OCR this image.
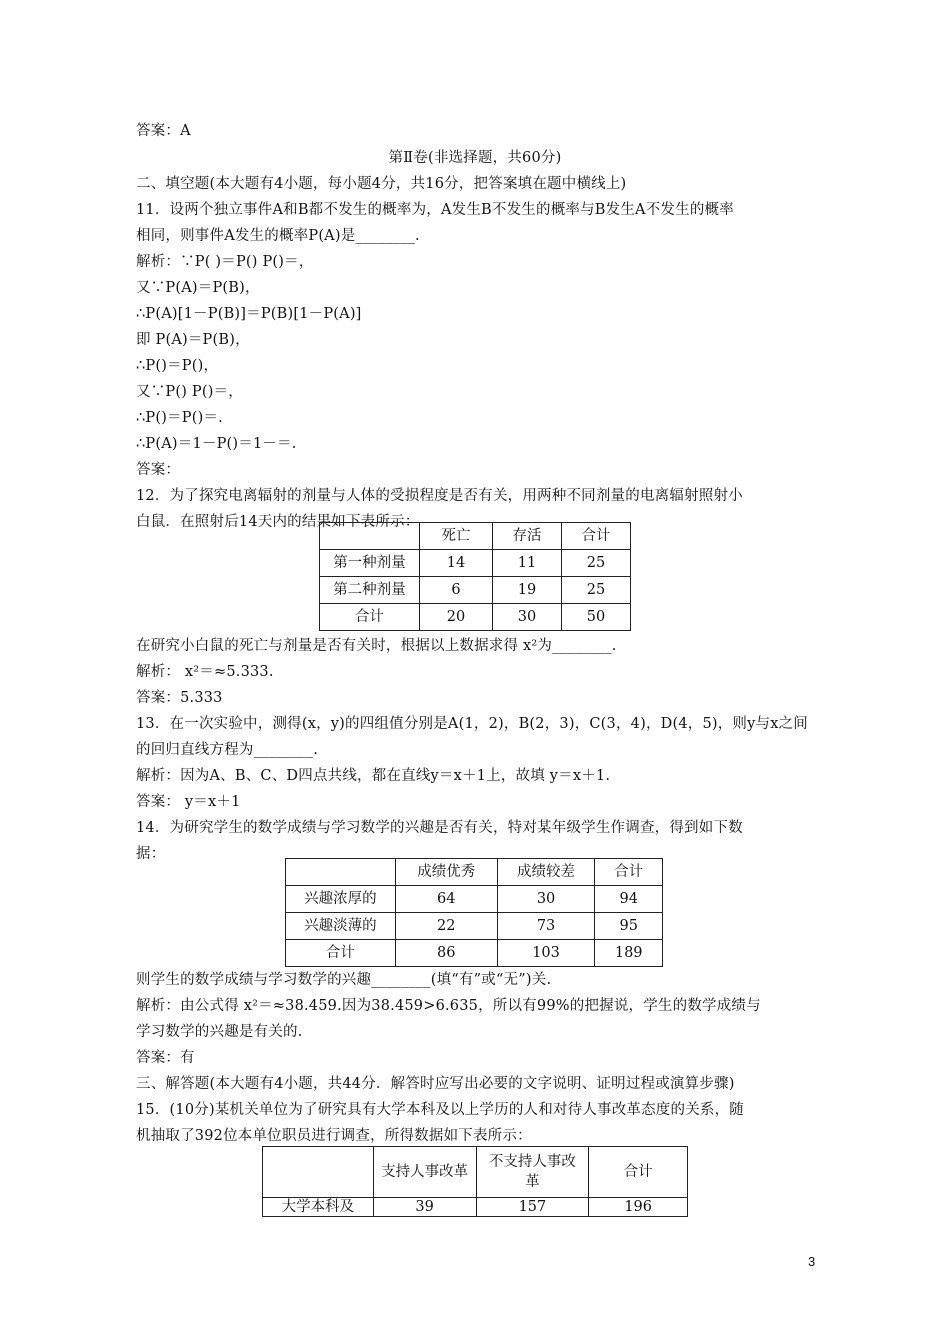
答案：A
第Ⅱ卷(非选择题，共60分)
二、填空题(本大题有4小题，每小题4分，共16分，把答案填在题中横线上)
11．设两个独立事件A和B都不发生的概率为，A发生B不发生的概率与B发生A不发生的概率
相同，则事件A发生的概率P(A)是________.
解析：∵P( )＝P() P()＝，
又∵P(A)＝P(B)，
∴P(A)[1－P(B)]＝P(B)[1－P(A)]
即 P(A)＝P(B)，
∴P()＝P()，
又∵P() P()＝，
∴P()＝P()＝.
∴P(A)＝1－P()＝1－＝.
答案：
12．为了探究电离辐射的剂量与人体的受损程度是否有关，用两种不同剂量的电离辐射照射小
白鼠．在照射后14天内的结果如下表所示：
	死亡	存活	合计
第一种剂量	14	11	25
第二种剂量	6	19	25
合计	20	30	50
在研究小白鼠的死亡与剂量是否有关时，根据以上数据求得 x²为________.
解析： x²＝≈5.333.
答案：5.333
13．在一次实验中，测得(x，y)的四组值分别是A(1，2)，B(2，3)，C(3，4)，D(4，5)，则y与x之间
的回归直线方程为________.
解析：因为A、B、C、D四点共线，都在直线y＝x＋1上，故填 y＝x＋1.
答案： y＝x＋1
14．为研究学生的数学成绩与学习数学的兴趣是否有关，特对某年级学生作调查，得到如下数
据：
	成绩优秀	成绩较差	合计
兴趣浓厚的	64	30	94
兴趣淡薄的	22	73	95
合计	86	103	189
则学生的数学成绩与学习数学的兴趣________(填“有”或“无”)关.
解析：由公式得 x²＝≈38.459.因为38.459>6.635，所以有99%的把握说，学生的数学成绩与
学习数学的兴趣是有关的.
答案：有
三、解答题(本大题有4小题，共44分．解答时应写出必要的文字说明、证明过程或演算步骤)
15．(10分)某机关单位为了研究具有大学本科及以上学历的人和对待人事改革态度的关系，随
机抽取了392位本单位职员进行调查，所得数据如下表所示：
	支持人事改革	不支持人事改革	合计
大学本科及	39	157	196
3
